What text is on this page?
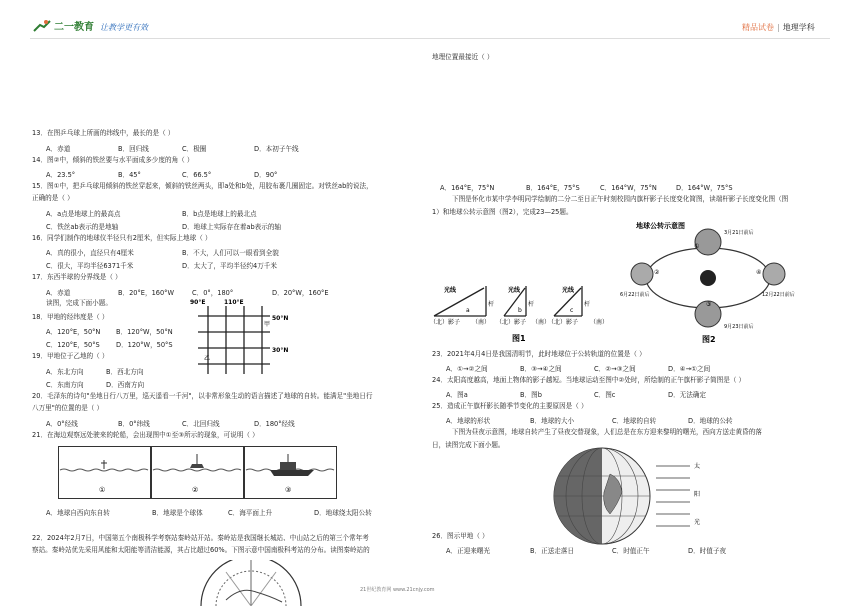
二一教育 让教学更有效	精品试卷 | 地理学科
地理位置最接近（ ）
13．在图乒乓球上所画的纬线中，最长的是（ ）
A．赤道	B．回归线	C．极圈	D．本初子午线
14．图②中，倾斜的铁丝要与水平面成多少度的角（ ）
A．23.5°	B．45°	C．66.5°	D．90°
15．图①中，把乒乓球用倾斜的铁丝穿起来，倾斜的铁丝两头，即a处和b处，用胶布裹几圈固定。对铁丝ab的说法，
正确的是（ ）
A．a点是地球上的最高点	B．b点是地球上的最北点
C．铁丝ab表示的是地轴	D．地球上实际存在着ab表示的轴
16．同学们制作的地球仪半径只有2厘米，但实际上地球（ ）
A．真的很小，直径只有4厘米	B．不大，人们可以一眼看到全貌
C．很大，平均半径6371千米	D．太大了，平均半径约4万千米
17．东西半球的分界线是（ ）
A．赤道	B．20°E，160°W	C．0°，180°	D．20°W，160°E
读图，完成下面小题。	90°E	110°E
50°N
30°N
甲
乙
18．甲地的经纬度是（ ）
A．120°E，50°N B．120°W，50°N
C．120°E，50°S D．120°W，50°S
19．甲地位于乙地的（ ）
A．东北方向	B．西北方向
C．东南方向	D．西南方向
20．毛泽东的诗句"坐地日行八万里，巡天遥看一千河"，以非常形象生动的语言描述了地球的自转。能满足"坐地日行
八万里"的位置的是（ ）
A．0°经线	B．0°纬线	C．北回归线	D．180°经线
21．在海边观察远处驶来的轮船，会出现图中①至③所示的现象，可说明（ ）
①	②	③
A．地球自西向东自转	B．地球是个球体	C．海平面上升	D．地球绕太阳公转
22．2024年2月7日，中国第五个南极科学考察站秦岭站开站。秦岭站是我国继长城站、中山站之后的第三个常年考
察站。秦岭站优先采用风能和太阳能等清洁能源，其占比超过60%。下图示意中国南极科考站的分布。读图秦岭站的
A．164°E，75°N	B．164°E，75°S	C．164°W，75°N	D．164°W，75°S
下图是怀化市某中学李明同学绘制的二分二至日正午时刻校园内旗杆影子长度变化简图，读端杆影子长度变化图（图
1）和地球公转示意图（图2），完成23—25题。
光线	光线	光线
杆	杆	杆
a	b	c
（北） 影子 （南） （北） 影子 （南）
（北） 影子 （南）
图1
地球公转示意图
3月21日前后
6月22日前后	12月22日前后
9月23日前后
①
②
③
④
图2
23．2021年4月4日是我国清明节，此时地球位于公转轨道的位置是（ ）
A．①→②之间	B．③→④之间	C．②→③之间	D．④→①之间
24．太阳高度越高，地面上物体的影子越短。当地球运动至图中②处时，所绘制的正午旗杆影子简图是（ ）
A．图a	B．图b	C．图c	D．无法确定
25．造成正午旗杆影长随季节变化的主要原因是（ ）
A．地球的形状	B．地球的大小	C．地球的自转	D．地球的公转
下图为昼夜示意图，地球自转产生了昼夜交替现象，人们总是在东方迎来黎明的曙光，西向方送走黄昏的落
日，读图完成下面小题。
太
阳
光
26．图示甲地（ ）
A．正迎来曙光	B．正送走落日	C．时值正午	D．时值子夜
21世纪教育网 www.21cnjy.com
